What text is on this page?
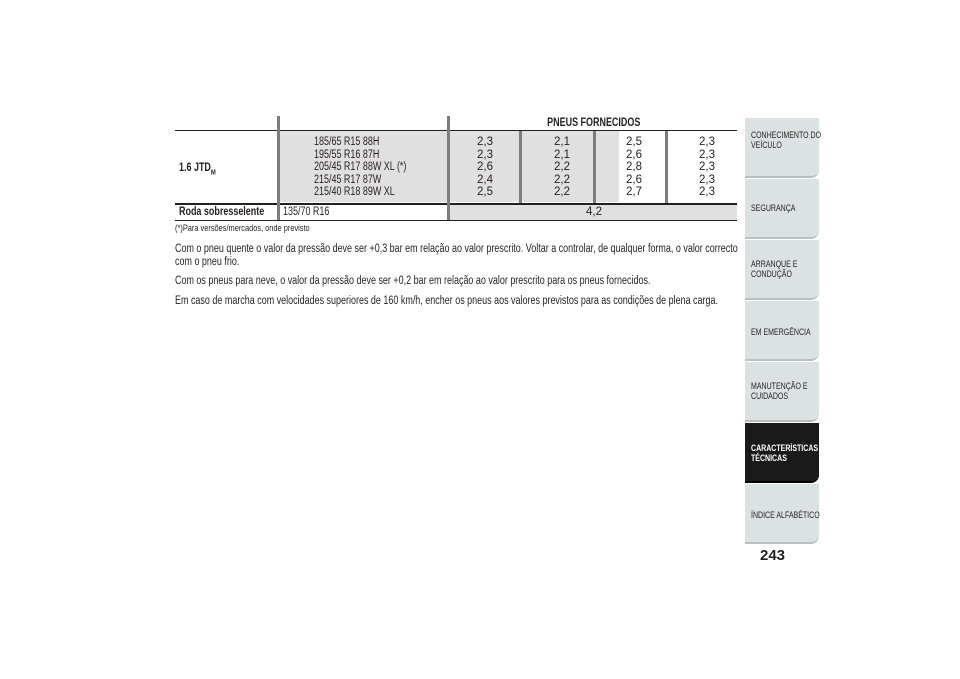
PNEUS FORNECIDOS
1.6 $JTD_M$
185/65 R15 88H
195/55 R16 87H
205/45 R17 88W XL (*)
215/45 R17 87W
215/40 R18 89W XL
2,3
2,3
2,6
2,4
2,5
2,1
2,1
2,2
2,2
2,2
2,5
2,6
2,8
2,6
2,7
2,3
2,3
2,3
2,3
2,3
Roda sobresselente	135/70 R16	4,2
(*)Para versões/mercados, onde previsto
Com o pneu quente o valor da pressão deve ser +0,3 bar em relação ao valor prescrito. Voltar a controlar, de qualquer forma, o valor correcto
com o pneu frio.
Com os pneus para neve, o valor da pressão deve ser +0,2 bar em relação ao valor prescrito para os pneus fornecidos.
Em caso de marcha com velocidades superiores de 160 km/h, encher os pneus aos valores previstos para as condições de plena carga.
CONHECIMENTO DO
VEÍCULO
SEGURANÇA

ARRANQUE E
CONDUÇÃO
EM EMERGÊNCIA

MANUTENÇÃO E
CUIDADOS
CARACTERÍSTICAS
TÉCNICAS
ÍNDICE ALFABÉTICO

243
